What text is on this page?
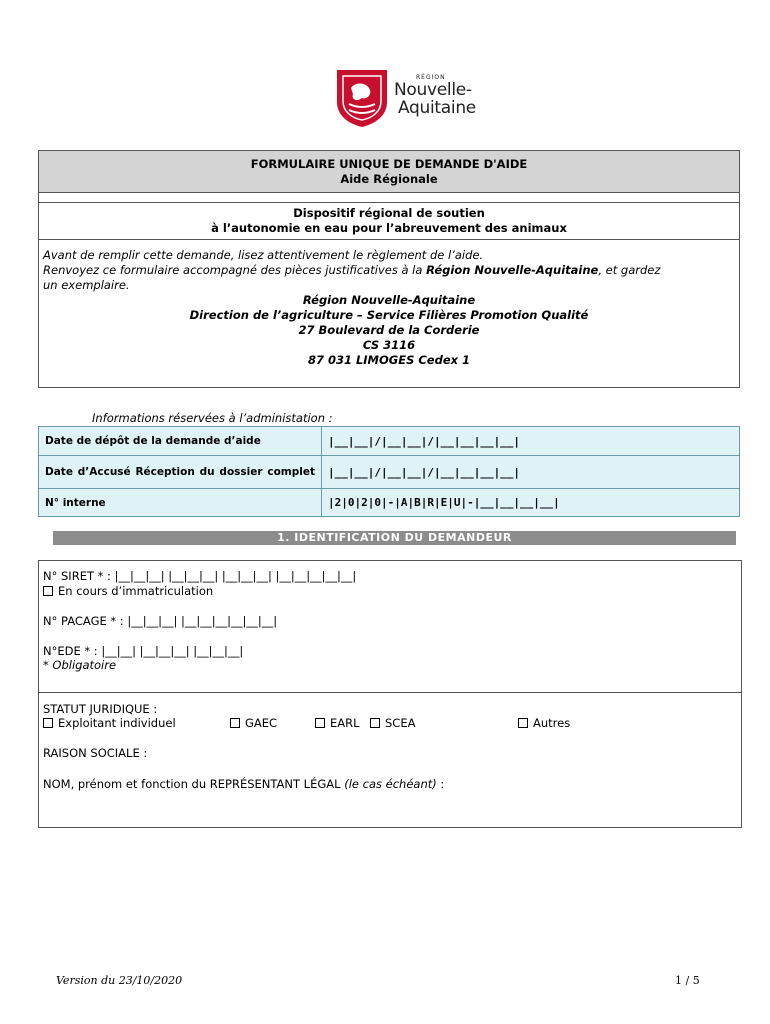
RÉGION
Nouvelle-
Aquitaine
FORMULAIRE UNIQUE DE DEMANDE D'AIDE
Aide Régionale
Dispositif régional de soutien
à l’autonomie en eau pour l’abreuvement des animaux
Avant de remplir cette demande, lisez attentivement le règlement de l’aide.
Renvoyez ce formulaire accompagné des pièces justificatives à la Région Nouvelle-Aquitaine, et gardez
un exemplaire.
Région Nouvelle-Aquitaine
Direction de l’agriculture – Service Filières Promotion Qualité
27 Boulevard de la Corderie
CS 3116
87 031 LIMOGES Cedex 1
Informations réservées à l’administation :
Date de dépôt de la demande d’aide	|__|__|/|__|__|/|__|__|__|__|
Date d’Accusé Réception du dossier complet	|__|__|/|__|__|/|__|__|__|__|
N° interne	|2|0|2|0|-|A|B|R|E|U|-|__|__|__|__|
1. IDENTIFICATION DU DEMANDEUR
N° SIRET * : |__|__|__| |__|__|__| |__|__|__| |__|__|__|__|__|
En cours d’immatriculation
N° PACAGE * : |__|__|__| |__|__|__|__|__|__|
N°EDE * : |__|__| |__|__|__| |__|__|__|
* Obligatoire
STATUT JURIDIQUE :
Exploitant individuel	GAEC	EARL	SCEA	Autres
RAISON SOCIALE :
NOM, prénom et fonction du REPRÉSENTANT LÉGAL (le cas échéant) :
Version du 23/10/2020	1 / 5
